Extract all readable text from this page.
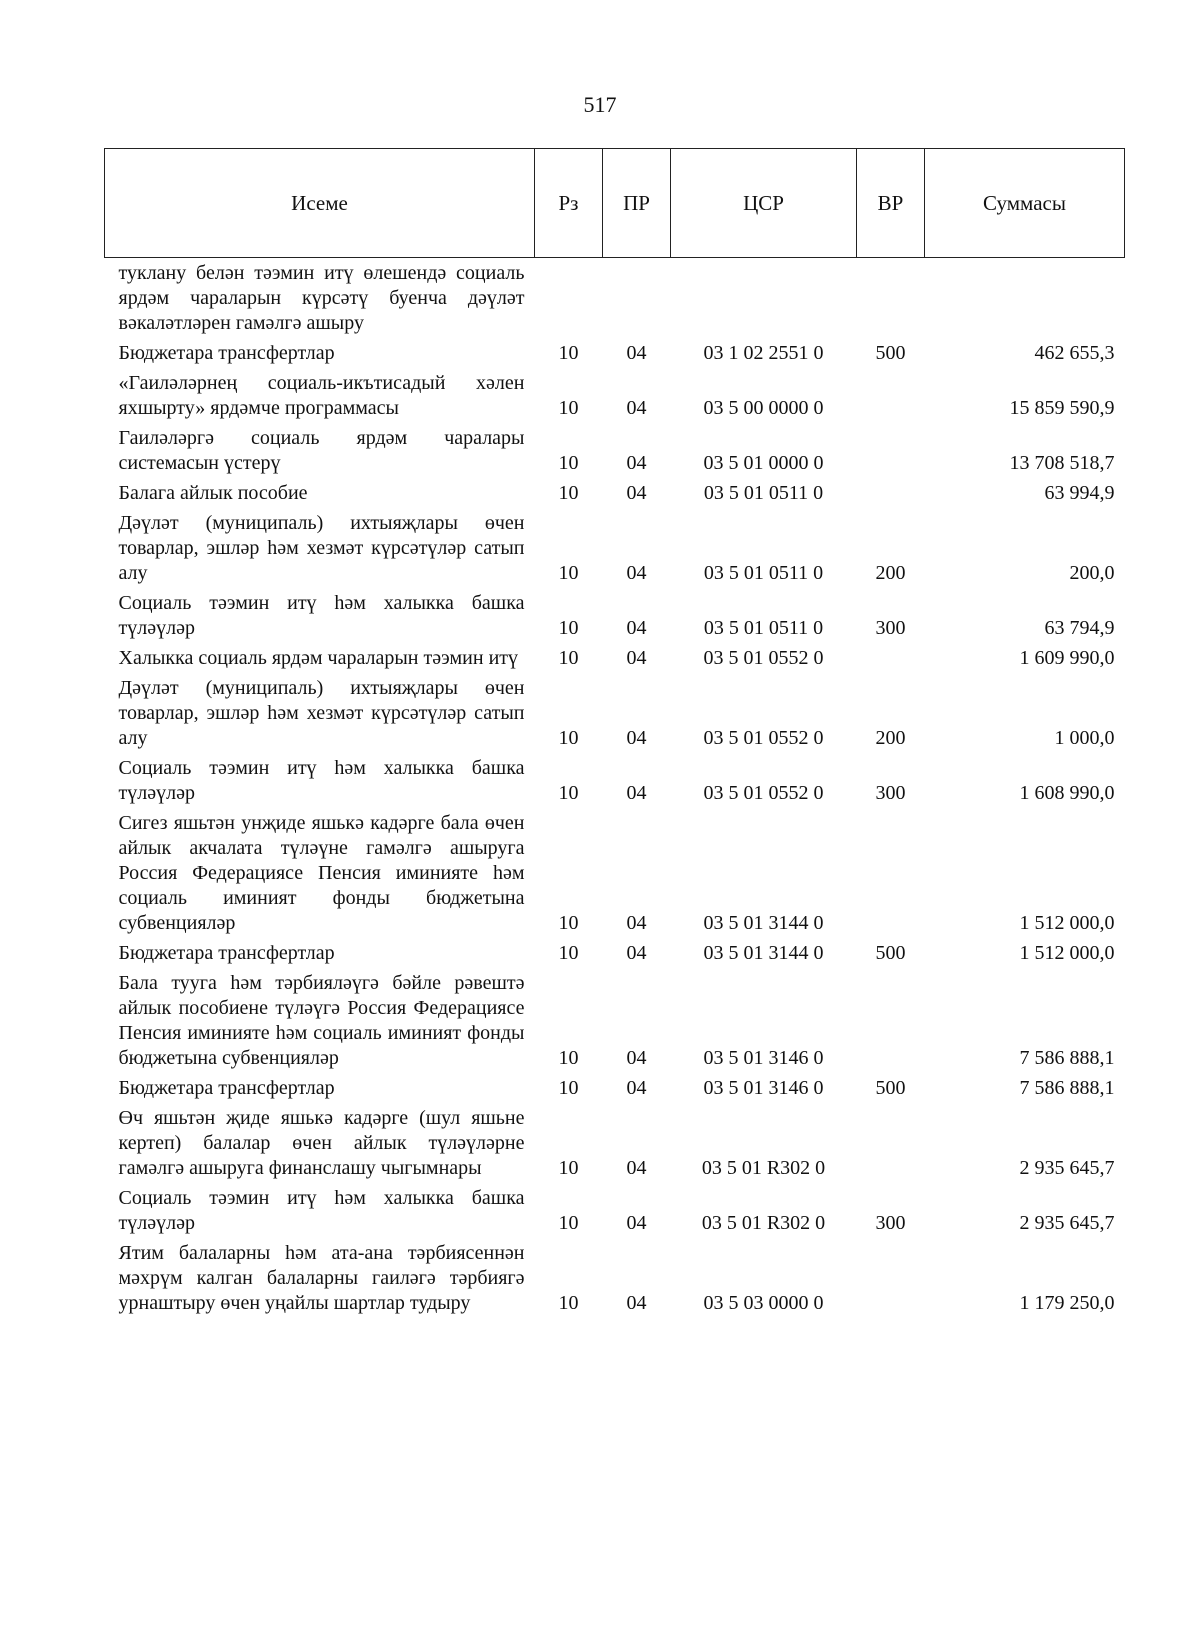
517
Исеме	Рз	ПР	ЦСР	ВР	Суммасы
туклану белән тәэмин итү өлешендә социаль ярдәм чараларын күрсәтү буенча дәүләт вәкаләтләрен гамәлгә ашыру					
Бюджетара трансфертлар	10	04	03 1 02 2551 0	500	462 655,3
«Гаиләләрнең социаль-икътисадый хәлен яхшырту» ярдәмче программасы	10	04	03 5 00 0000 0		15 859 590,9
Гаиләләргә социаль ярдәм чаралары системасын үстерү	10	04	03 5 01 0000 0		13 708 518,7
Балага айлык пособие	10	04	03 5 01 0511 0		63 994,9
Дәүләт (муниципаль) ихтыяҗлары өчен товарлар, эшләр һәм хезмәт күрсәтүләр сатып алу	10	04	03 5 01 0511 0	200	200,0
Социаль тәэмин итү һәм халыкка башка түләүләр	10	04	03 5 01 0511 0	300	63 794,9
Халыкка социаль ярдәм чараларын тәэмин итү	10	04	03 5 01 0552 0		1 609 990,0
Дәүләт (муниципаль) ихтыяҗлары өчен товарлар, эшләр һәм хезмәт күрсәтүләр сатып алу	10	04	03 5 01 0552 0	200	1 000,0
Социаль тәэмин итү һәм халыкка башка түләүләр	10	04	03 5 01 0552 0	300	1 608 990,0
Сигез яшьтән унҗиде яшькә кадәрге бала өчен айлык акчалата түләүне гамәлгә ашыруга Россия Федерациясе Пенсия иминияте һәм социаль иминият фонды бюджетына субвенцияләр	10	04	03 5 01 3144 0		1 512 000,0
Бюджетара трансфертлар	10	04	03 5 01 3144 0	500	1 512 000,0
Бала тууга һәм тәрбияләүгә бәйле рәвештә айлык пособиене түләүгә Россия Федерациясе Пенсия иминияте һәм социаль иминият фонды бюджетына субвенцияләр	10	04	03 5 01 3146 0		7 586 888,1
Бюджетара трансфертлар	10	04	03 5 01 3146 0	500	7 586 888,1
Өч яшьтән җиде яшькә кадәрге (шул яшьне кертеп) балалар өчен айлык түләүләрне гамәлгә ашыруга финанслашу чыгымнары	10	04	03 5 01 R302 0		2 935 645,7
Социаль тәэмин итү һәм халыкка башка түләүләр	10	04	03 5 01 R302 0	300	2 935 645,7
Ятим балаларны һәм ата-ана тәрбиясеннән мәхрүм калган балаларны гаиләгә тәрбиягә урнаштыру өчен уңайлы шартлар тудыру	10	04	03 5 03 0000 0		1 179 250,0
